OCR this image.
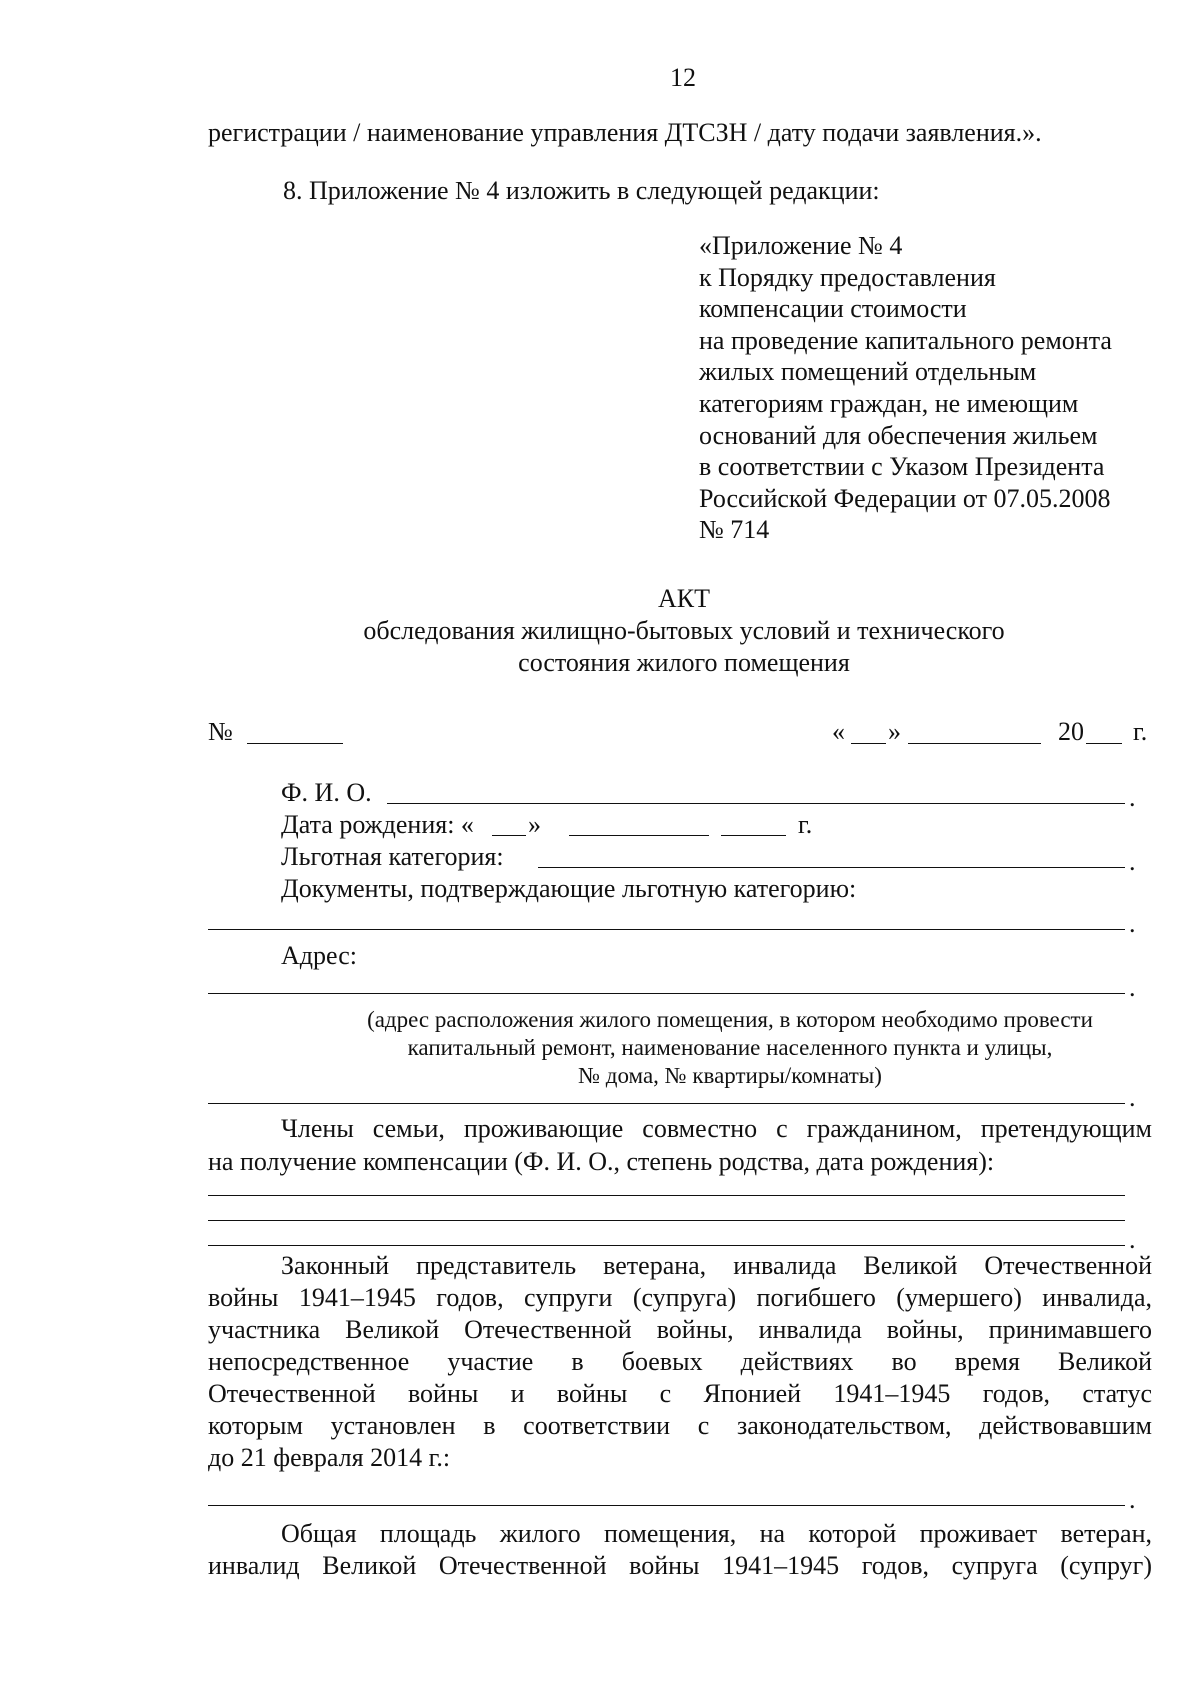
12
регистрации / наименование управления ДТСЗН / дату подачи заявления.».
8. Приложение № 4 изложить в следующей редакции:
«Приложение № 4
к Порядку предоставления
компенсации стоимости
на проведение капитального ремонта
жилых помещений отдельным
категориям граждан, не имеющим
оснований для обеспечения жильем
в соответствии с Указом Президента
Российской Федерации от 07.05.2008
№ 714
АКТ
обследования жилищно-бытовых условий и технического
состояния жилого помещения
№	« »	20 г.
Ф. И. О.	.
Дата рождения: « »	г.
Льготная категория:	.
Документы, подтверждающие льготную категорию:
.
Адрес:
.
(адрес расположения жилого помещения, в котором необходимо провести
капитальный ремонт, наименование населенного пункта и улицы,
№ дома, № квартиры/комнаты)
.
Члены семьи, проживающие совместно с гражданином, претендующим
на получение компенсации (Ф. И. О., степень родства, дата рождения):
.
Законный представитель ветерана, инвалида Великой Отечественной
войны 1941–1945 годов, супруги (супруга) погибшего (умершего) инвалида,
участника Великой Отечественной войны, инвалида войны, принимавшего
непосредственное участие в боевых действиях во время Великой
Отечественной войны и войны с Японией 1941–1945 годов, статус
которым установлен в соответствии с законодательством, действовавшим
до 21 февраля 2014 г.:
.
Общая площадь жилого помещения, на которой проживает ветеран,
инвалид Великой Отечественной войны 1941–1945 годов, супруга (супруг)
